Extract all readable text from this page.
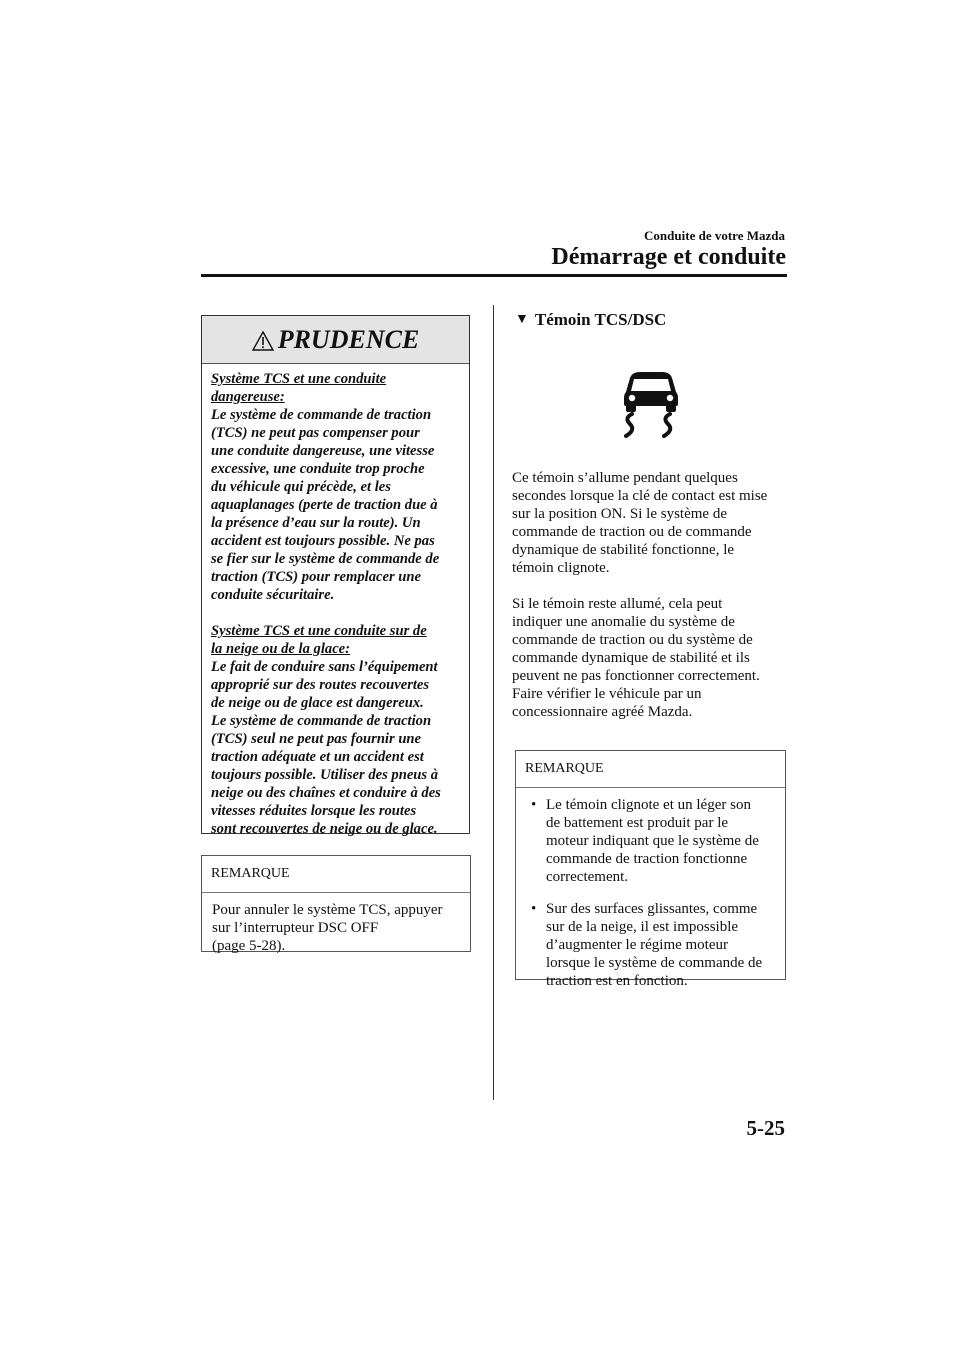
Conduite de votre Mazda
Démarrage et conduite
PRUDENCE

Système TCS et une conduite

dangereuse:

Le système de commande de traction

(TCS) ne peut pas compenser pour

une conduite dangereuse, une vitesse

excessive, une conduite trop proche

du véhicule qui précède, et les

aquaplanages (perte de traction due à

la présence d’eau sur la route). Un

accident est toujours possible. Ne pas

se fier sur le système de commande de

traction (TCS) pour remplacer une

conduite sécuritaire.

Système TCS et une conduite sur de

la neige ou de la glace:

Le fait de conduire sans l’équipement

approprié sur des routes recouvertes

de neige ou de glace est dangereux.

Le système de commande de traction

(TCS) seul ne peut pas fournir une

traction adéquate et un accident est

toujours possible. Utiliser des pneus à

neige ou des chaînes et conduire à des

vitesses réduites lorsque les routes

sont recouvertes de neige ou de glace.

REMARQUE
Pour annuler le système TCS, appuyer
sur l’interrupteur DSC OFF
(page 5-28).
▼ Témoin TCS/DSC
Ce témoin s’allume pendant quelques
secondes lorsque la clé de contact est mise
sur la position ON. Si le système de
commande de traction ou de commande
dynamique de stabilité fonctionne, le
témoin clignote.
Si le témoin reste allumé, cela peut
indiquer une anomalie du système de
commande de traction ou du système de
commande dynamique de stabilité et ils
peuvent ne pas fonctionner correctement.
Faire vérifier le véhicule par un
concessionnaire agréé Mazda.
REMARQUE
• Le témoin clignote et un léger son
de battement est produit par le
moteur indiquant que le système de
commande de traction fonctionne
correctement.
• Sur des surfaces glissantes, comme
sur de la neige, il est impossible
d’augmenter le régime moteur
lorsque le système de commande de
traction est en fonction.
5-25
